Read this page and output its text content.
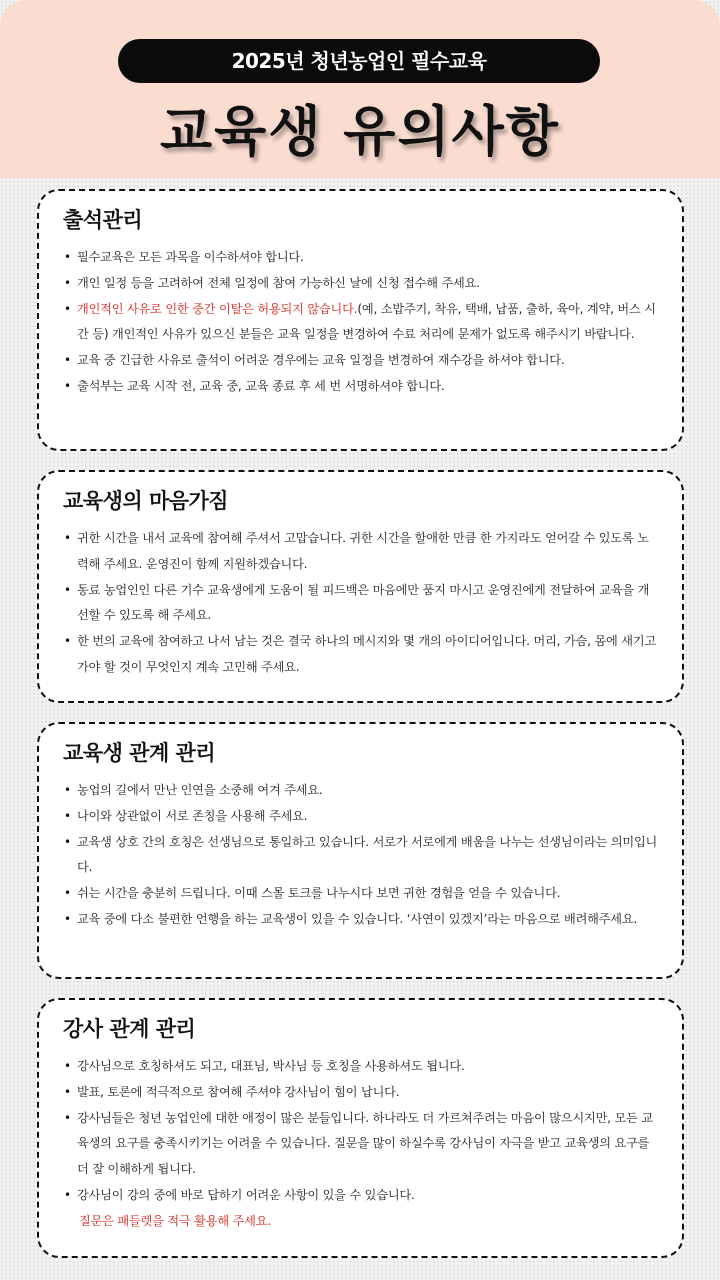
2025년 청년농업인 필수교육
교육생 유의사항
출석관리
• 필수교육은 모든 과목을 이수하셔야 합니다.
• 개인 일정 등을 고려하여 전체 일정에 참여 가능하신 날에 신청 접수해 주세요.
• 개인적인 사유로 인한 중간 이탈은 허용되지 않습니다.(예, 소밥주기, 착유, 택배, 납품, 출하, 육아, 계약, 버스 시간 등) 개인적인 사유가 있으신 분들은 교육 일정을 변경하여 수료 처리에 문제가 없도록 해주시기 바랍니다.
• 교육 중 긴급한 사유로 출석이 어려운 경우에는 교육 일정을 변경하여 재수강을 하셔야 합니다.
• 출석부는 교육 시작 전, 교육 중, 교육 종료 후 세 번 서명하셔야 합니다.
교육생의 마음가짐
• 귀한 시간을 내서 교육에 참여해 주셔서 고맙습니다. 귀한 시간을 할애한 만큼 한 가지라도 얻어갈 수 있도록 노력해 주세요. 운영진이 함께 지원하겠습니다.
• 동료 농업인인 다른 기수 교육생에게 도움이 될 피드백은 마음에만 품지 마시고 운영진에게 전달하여 교육을 개선할 수 있도록 해 주세요.
• 한 번의 교육에 참여하고 나서 남는 것은 결국 하나의 메시지와 몇 개의 아이디어입니다. 머리, 가슴, 몸에 새기고 가야 할 것이 무엇인지 계속 고민해 주세요.
교육생 관계 관리
• 농업의 길에서 만난 인연을 소중해 여겨 주세요.
• 나이와 상관없이 서로 존칭을 사용해 주세요.
• 교육생 상호 간의 호칭은 선생님으로 통일하고 있습니다. 서로가 서로에게 배움을 나누는 선생님이라는 의미입니다.
• 쉬는 시간을 충분히 드립니다. 이때 스몰 토크를 나누시다 보면 귀한 경험을 얻을 수 있습니다.
• 교육 중에 다소 불편한 언행을 하는 교육생이 있을 수 있습니다. ‘사연이 있겠지’라는 마음으로 배려해주세요.
강사 관계 관리
• 강사님으로 호칭하셔도 되고, 대표님, 박사님 등 호칭을 사용하셔도 됩니다.
• 발표, 토론에 적극적으로 참여해 주셔야 강사님이 힘이 납니다.
• 강사님들은 청년 농업인에 대한 애정이 많은 분들입니다. 하나라도 더 가르쳐주려는 마음이 많으시지만, 모든 교육생의 요구를 충족시키기는 어려울 수 있습니다. 질문을 많이 하실수록 강사님이 자극을 받고 교육생의 요구를 더 잘 이해하게 됩니다.
• 강사님이 강의 중에 바로 답하기 어려운 사항이 있을 수 있습니다.
질문은 패들렛을 적극 활용해 주세요.
